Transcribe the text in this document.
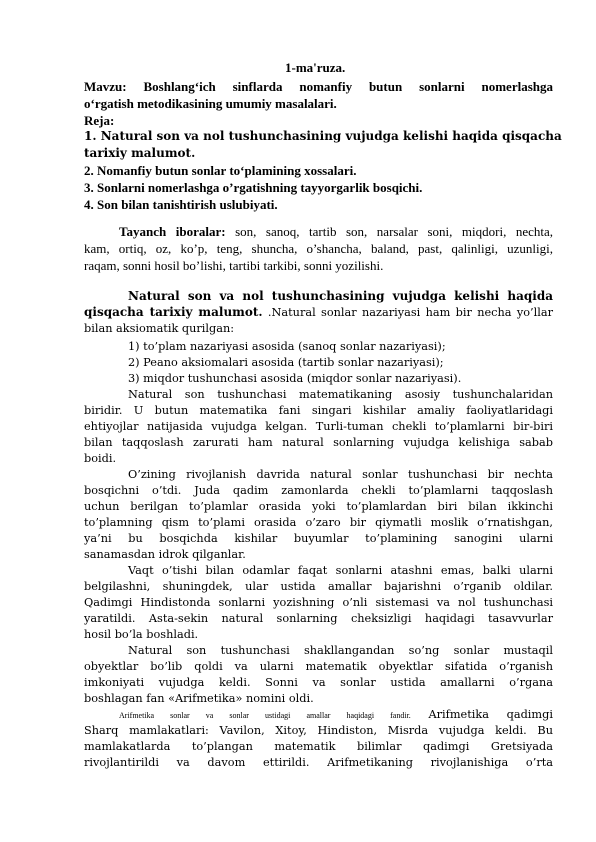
1-ma'ruza.
Mavzu: Boshlang‘ich sinflarda nomanfiy butun sonlarni nomerlashga
o‘rgatish metodikasining umumiy masalalari.
Reja:
1. Natural son va nol tushunchasining vujudga kelishi haqida qisqacha
tarixiy malumot.
2. Nomanfiy butun sonlar to‘plamining xossalari.
3. Sonlarni nomerlashga o’rgatishning tayyorgarlik bosqichi.
4. Son bilan tanishtirish uslubiyati.
Tayanch iboralar: son, sanoq, tartib son, narsalar soni, miqdori, nechta,
kam, ortiq, oz, ko’p, teng, shuncha, o’shancha, baland, past, qalinligi, uzunligi,
raqam, sonni hosil bo’lishi, tartibi tarkibi, sonni yozilishi.
Natural son va nol tushunchasining vujudga kelishi haqida
qisqacha tarixiy malumot. .Natural sonlar nazariyasi ham bir necha yo’llar
bilan aksiomatik qurilgan:
1) to’plam nazariyasi asosida (sanoq sonlar nazariyasi);
2) Peano aksiomalari asosida (tartib sonlar nazariyasi);
3) miqdor tushunchasi asosida (miqdor sonlar nazariyasi).
Natural son tushunchasi matematikaning asosiy tushunchalaridan
biridir. U butun matematika fani singari kishilar amaliy faoliyatlaridagi
ehtiyojlar natijasida vujudga kelgan. Turli-tuman chekli to’plamlarni bir-biri
bilan taqqoslash zarurati ham natural sonlarning vujudga kelishiga sabab
boidi.
O’zining rivojlanish davrida natural sonlar tushunchasi bir nechta
bosqichni o’tdi. Juda qadim zamonlarda chekli to’plamlarni taqqoslash
uchun berilgan to’plamlar orasida yoki to’plamlardan biri bilan ikkinchi
to’plamning qism to’plami orasida o’zaro bir qiymatli moslik o’rnatishgan,
ya’ni bu bosqichda kishilar buyumlar to’plamining sanogini ularni
sanamasdan idrok qilganlar.
Vaqt o’tishi bilan odamlar faqat sonlarni atashni emas, balki ularni
belgilashni, shuningdek, ular ustida amallar bajarishni o’rganib oldilar.
Qadimgi Hindistonda sonlarni yozishning o’nli sistemasi va nol tushunchasi
yaratildi. Asta-sekin natural sonlarning cheksizligi haqidagi tasavvurlar
hosil bo’la boshladi.
Natural son tushunchasi shakllangandan so’ng sonlar mustaqil
obyektlar bo’lib qoldi va ularni matematik obyektlar sifatida o’rganish
imkoniyati vujudga keldi. Sonni va sonlar ustida amallarni o’rgana
boshlagan fan «Arifmetika» nomini oldi.
Arifmetika sonlar va sonlar ustidagi amallar haqidagi fandir. Arifmetika qadimgi
Sharq mamlakatlari: Vavilon, Xitoy, Hindiston, Misrda vujudga keldi. Bu
mamlakatlarda to’plangan matematik bilimlar qadimgi Gretsiyada
rivojlantirildi va davom ettirildi. Arifmetikaning rivojlanishiga o’rta
